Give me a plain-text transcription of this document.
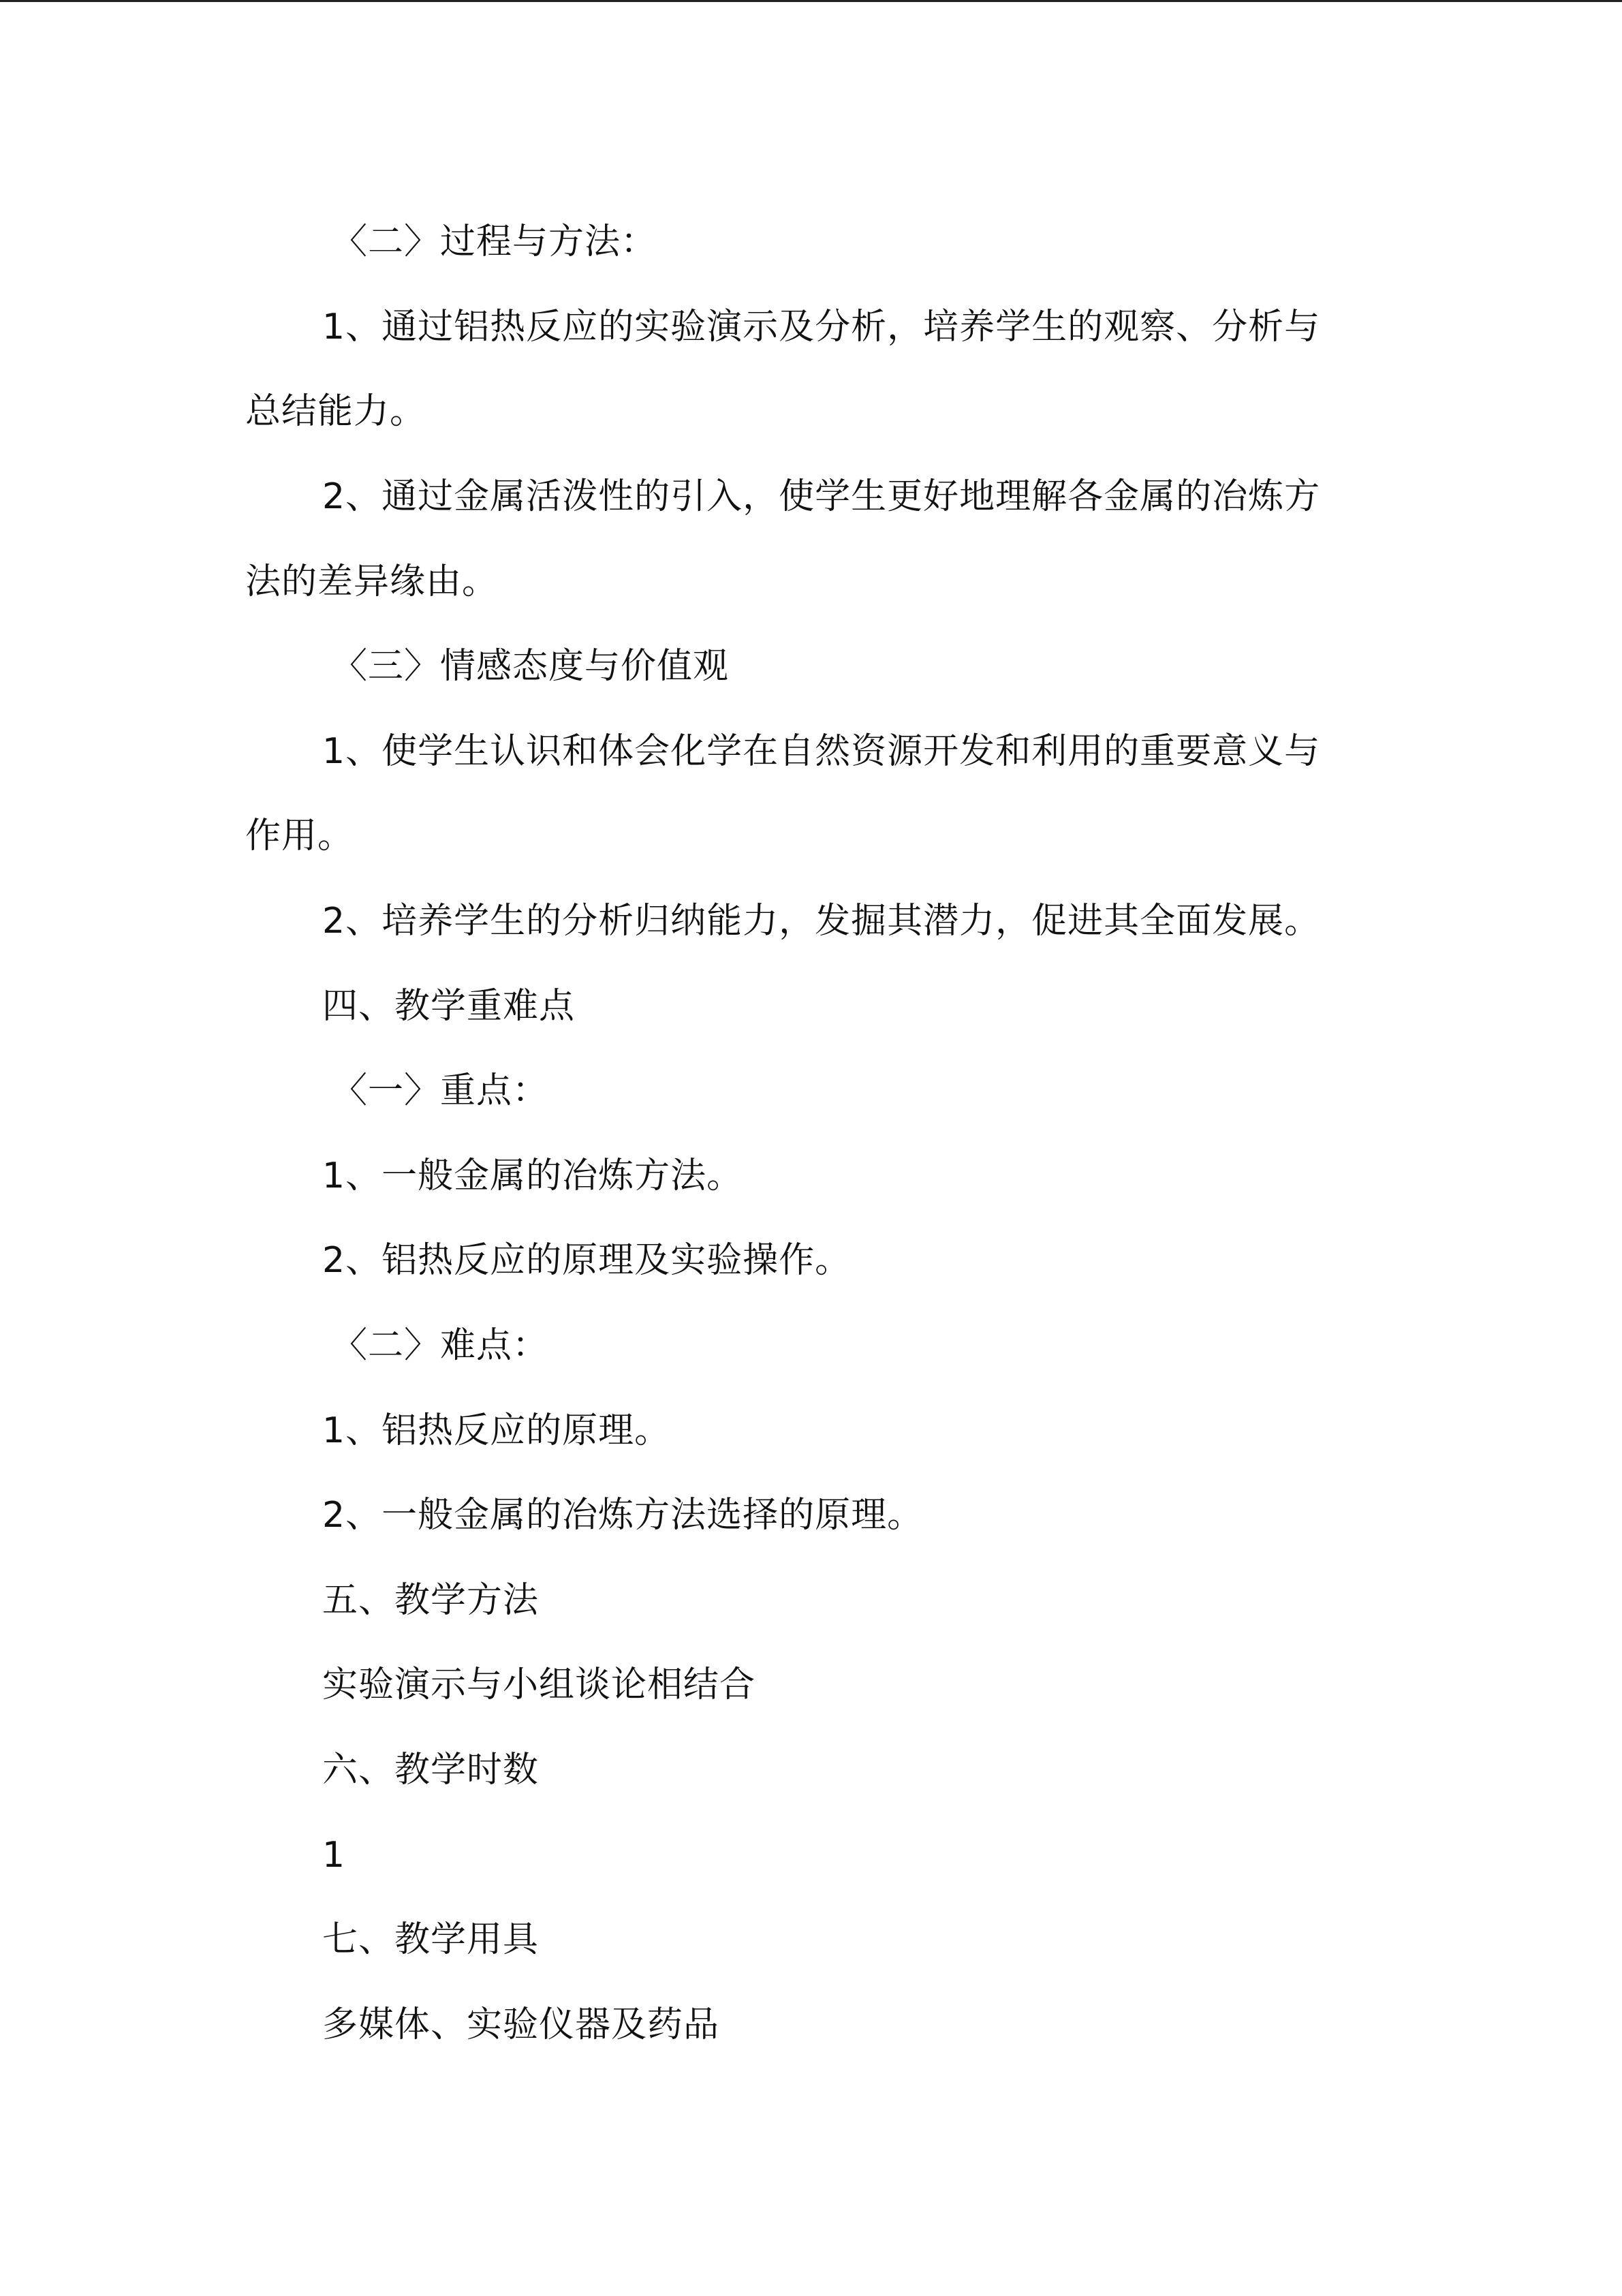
〈二〉过程与方法：
1、通过铝热反应的实验演示及分析，培养学生的观察、分析与
总结能力。
2、通过金属活泼性的引入，使学生更好地理解各金属的冶炼方
法的差异缘由。
〈三〉情感态度与价值观
1、使学生认识和体会化学在自然资源开发和利用的重要意义与
作用。
2、培养学生的分析归纳能力，发掘其潜力，促进其全面发展。
四、教学重难点
〈一〉重点：
1、一般金属的冶炼方法。
2、铝热反应的原理及实验操作。
〈二〉难点：
1、铝热反应的原理。
2、一般金属的冶炼方法选择的原理。
五、教学方法
实验演示与小组谈论相结合
六、教学时数
1
七、教学用具
多媒体、实验仪器及药品
